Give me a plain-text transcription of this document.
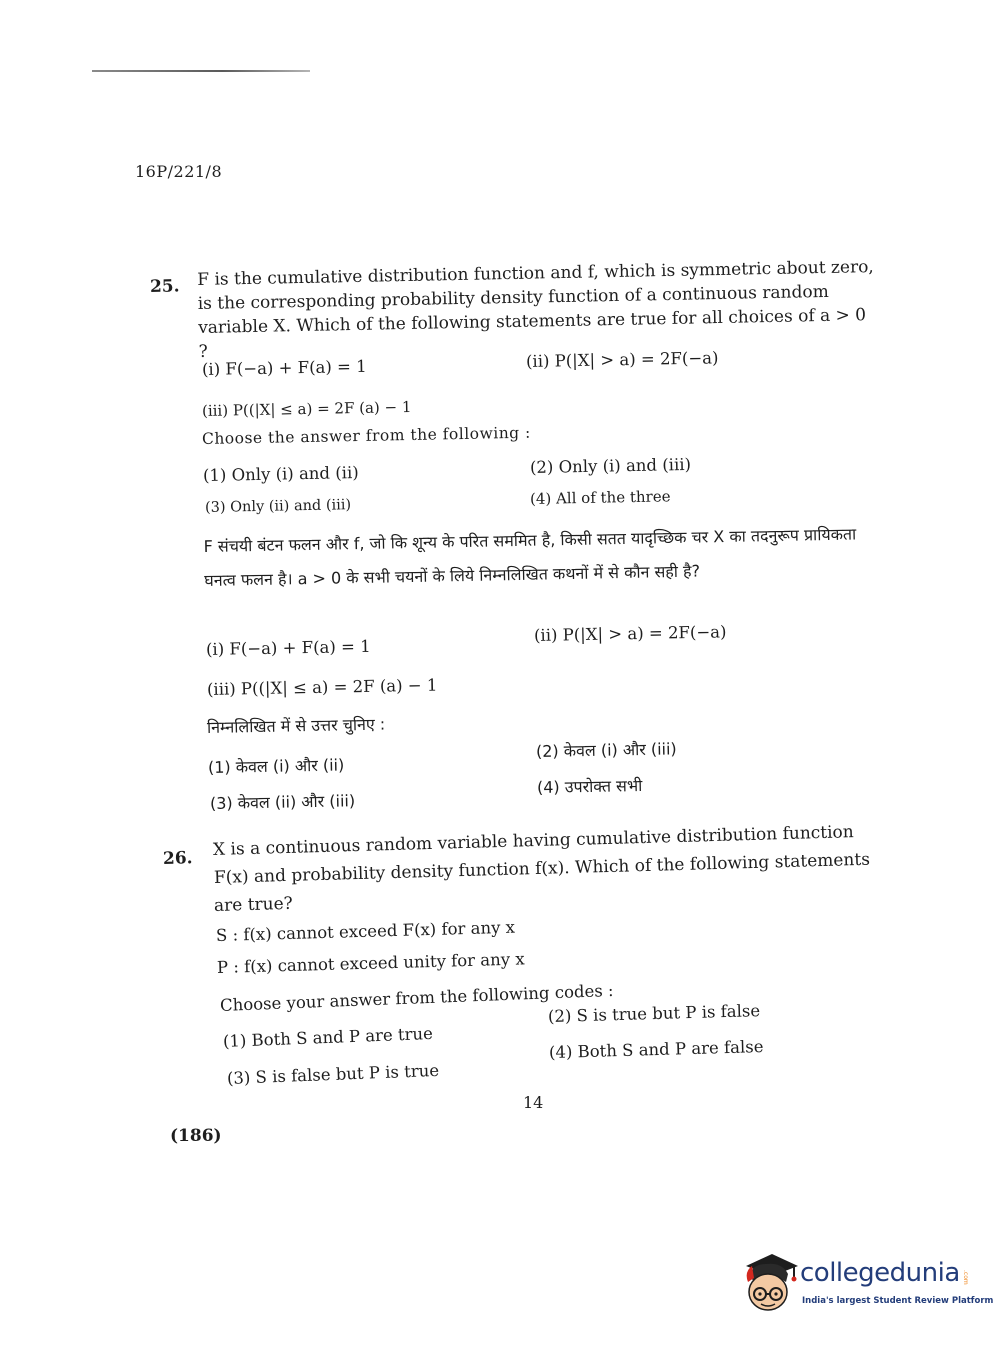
16P/221/8
25. F is the cumulative distribution function and f, which is symmetric about zero, is the corresponding probability density function of a continuous random variable X. Which of the following statements are true for all choices of a > 0 ?
(i) F(−a) + F(a) = 1	(ii) P(|X| > a) = 2F(−a)
(iii) P((|X| ≤ a) = 2F (a) − 1
Choose the answer from the following :
(1) Only (i) and (ii)	(2) Only (i) and (iii)
(3) Only (ii) and (iii)	(4) All of the three
F संचयी बंटन फलन और f, जो कि शून्य के परित सममित है, किसी सतत यादृच्छिक चर X का तदनुरूप प्रायिकता घनत्व फलन है। a > 0 के सभी चयनों के लिये निम्नलिखित कथनों में से कौन सही है?
(i) F(−a) + F(a) = 1
(ii) P(|X| > a) = 2F(−a)
(iii) P((|X| ≤ a) = 2F (a) − 1
निम्नलिखित में से उत्तर चुनिए :
(1) केवल (i) और (ii)
(2) केवल (i) और (iii)
(3) केवल (ii) और (iii)
(4) उपरोक्त सभी
26. X is a continuous random variable having cumulative distribution function
F(x) and probability density function f(x). Which of the following statements
are true?
S : f(x) cannot exceed F(x) for any x
P : f(x) cannot exceed unity for any x
Choose your answer from the following codes :
(1) Both S and P are true
(2) S is true but P is false
(3) S is false but P is true
(4) Both S and P are false
14
(186)
collegedunia .com
India's largest Student Review Platform
